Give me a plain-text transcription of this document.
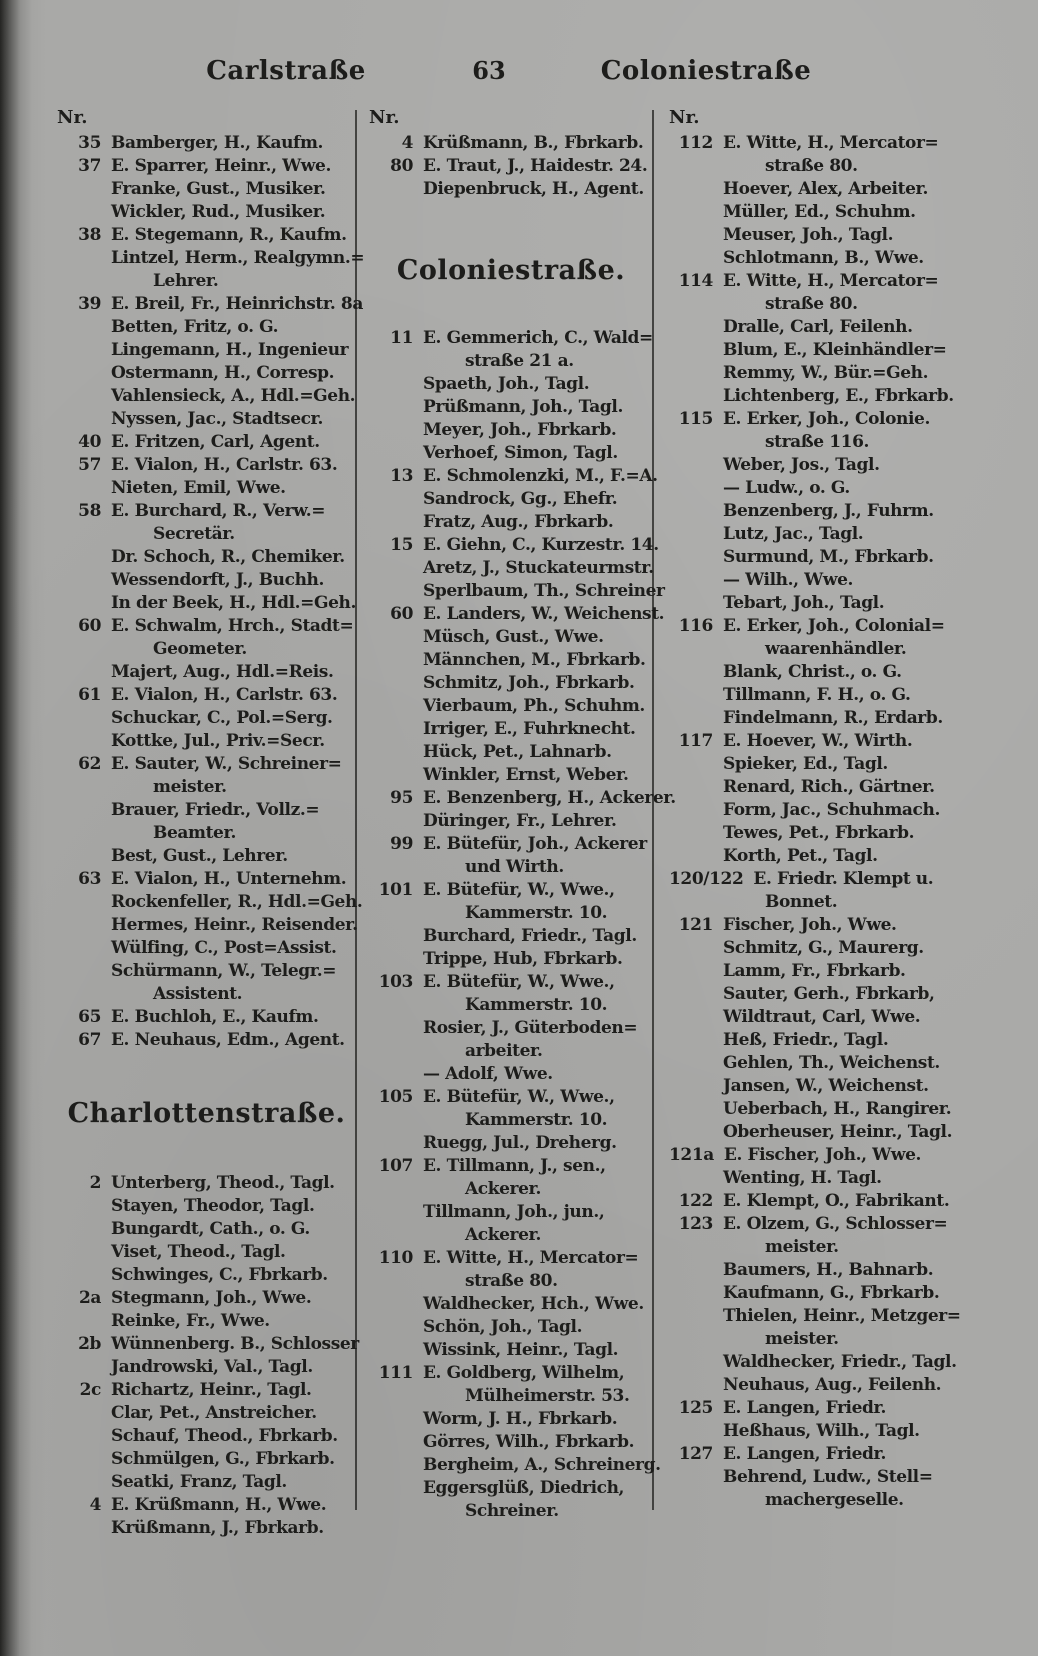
Carlstraße	63	Coloniestraße
Nr.
35 Bamberger, H., Kaufm.
37 E. Sparrer, Heinr., Wwe.
Franke, Gust., Musiker.
Wickler, Rud., Musiker.
38 E. Stegemann, R., Kaufm.
Lintzel, Herm., Realgymn.=
Lehrer.
39 E. Breil, Fr., Heinrichstr. 8a
Betten, Fritz, o. G.
Lingemann, H., Ingenieur
Ostermann, H., Corresp.
Vahlensieck, A., Hdl.=Geh.
Nyssen, Jac., Stadtsecr.
40 E. Fritzen, Carl, Agent.
57 E. Vialon, H., Carlstr. 63.
Nieten, Emil, Wwe.
58 E. Burchard, R., Verw.=
Secretär.
Dr. Schoch, R., Chemiker.
Wessendorft, J., Buchh.
In der Beek, H., Hdl.=Geh.
60 E. Schwalm, Hrch., Stadt=
Geometer.
Majert, Aug., Hdl.=Reis.
61 E. Vialon, H., Carlstr. 63.
Schuckar, C., Pol.=Serg.
Kottke, Jul., Priv.=Secr.
62 E. Sauter, W., Schreiner=
meister.
Brauer, Friedr., Vollz.=
Beamter.
Best, Gust., Lehrer.
63 E. Vialon, H., Unternehm.
Rockenfeller, R., Hdl.=Geh.
Hermes, Heinr., Reisender.
Wülfing, C., Post=Assist.
Schürmann, W., Telegr.=
Assistent.
65 E. Buchloh, E., Kaufm.
67 E. Neuhaus, Edm., Agent.
Charlottenstraße.
2 Unterberg, Theod., Tagl.
Stayen, Theodor, Tagl.
Bungardt, Cath., o. G.
Viset, Theod., Tagl.
Schwinges, C., Fbrkarb.
2a Stegmann, Joh., Wwe.
Reinke, Fr., Wwe.
2b Wünnenberg. B., Schlosser
Jandrowski, Val., Tagl.
2c Richartz, Heinr., Tagl.
Clar, Pet., Anstreicher.
Schauf, Theod., Fbrkarb.
Schmülgen, G., Fbrkarb.
Seatki, Franz, Tagl.
4 E. Krüßmann, H., Wwe.
Krüßmann, J., Fbrkarb.
Nr.
4 Krüßmann, B., Fbrkarb.
80 E. Traut, J., Haidestr. 24.
Diepenbruck, H., Agent.
Coloniestraße.
11 E. Gemmerich, C., Wald=
straße 21 a.
Spaeth, Joh., Tagl.
Prüßmann, Joh., Tagl.
Meyer, Joh., Fbrkarb.
Verhoef, Simon, Tagl.
13 E. Schmolenzki, M., F.=A.
Sandrock, Gg., Ehefr.
Fratz, Aug., Fbrkarb.
15 E. Giehn, C., Kurzestr. 14.
Aretz, J., Stuckateurmstr.
Sperlbaum, Th., Schreiner
60 E. Landers, W., Weichenst.
Müsch, Gust., Wwe.
Männchen, M., Fbrkarb.
Schmitz, Joh., Fbrkarb.
Vierbaum, Ph., Schuhm.
Irriger, E., Fuhrknecht.
Hück, Pet., Lahnarb.
Winkler, Ernst, Weber.
95 E. Benzenberg, H., Ackerer.
Düringer, Fr., Lehrer.
99 E. Bütefür, Joh., Ackerer
und Wirth.
101 E. Bütefür, W., Wwe.,
Kammerstr. 10.
Burchard, Friedr., Tagl.
Trippe, Hub, Fbrkarb.
103 E. Bütefür, W., Wwe.,
Kammerstr. 10.
Rosier, J., Güterboden=
arbeiter.
— Adolf, Wwe.
105 E. Bütefür, W., Wwe.,
Kammerstr. 10.
Ruegg, Jul., Dreherg.
107 E. Tillmann, J., sen.,
Ackerer.
Tillmann, Joh., jun.,
Ackerer.
110 E. Witte, H., Mercator=
straße 80.
Waldhecker, Hch., Wwe.
Schön, Joh., Tagl.
Wissink, Heinr., Tagl.
111 E. Goldberg, Wilhelm,
Mülheimerstr. 53.
Worm, J. H., Fbrkarb.
Görres, Wilh., Fbrkarb.
Bergheim, A., Schreinerg.
Eggersglüß, Diedrich,
Schreiner.
Nr.
112 E. Witte, H., Mercator=
straße 80.
Hoever, Alex, Arbeiter.
Müller, Ed., Schuhm.
Meuser, Joh., Tagl.
Schlotmann, B., Wwe.
114 E. Witte, H., Mercator=
straße 80.
Dralle, Carl, Feilenh.
Blum, E., Kleinhändler=
Remmy, W., Bür.=Geh.
Lichtenberg, E., Fbrkarb.
115 E. Erker, Joh., Colonie.
straße 116.
Weber, Jos., Tagl.
— Ludw., o. G.
Benzenberg, J., Fuhrm.
Lutz, Jac., Tagl.
Surmund, M., Fbrkarb.
— Wilh., Wwe.
Tebart, Joh., Tagl.
116 E. Erker, Joh., Colonial=
waarenhändler.
Blank, Christ., o. G.
Tillmann, F. H., o. G.
Findelmann, R., Erdarb.
117 E. Hoever, W., Wirth.
Spieker, Ed., Tagl.
Renard, Rich., Gärtner.
Form, Jac., Schuhmach.
Tewes, Pet., Fbrkarb.
Korth, Pet., Tagl.
120/122 E. Friedr. Klempt u.
Bonnet.
121 Fischer, Joh., Wwe.
Schmitz, G., Maurerg.
Lamm, Fr., Fbrkarb.
Sauter, Gerh., Fbrkarb,
Wildtraut, Carl, Wwe.
Heß, Friedr., Tagl.
Gehlen, Th., Weichenst.
Jansen, W., Weichenst.
Ueberbach, H., Rangirer.
Oberheuser, Heinr., Tagl.
121a E. Fischer, Joh., Wwe.
Wenting, H. Tagl.
122 E. Klempt, O., Fabrikant.
123 E. Olzem, G., Schlosser=
meister.
Baumers, H., Bahnarb.
Kaufmann, G., Fbrkarb.
Thielen, Heinr., Metzger=
meister.
Waldhecker, Friedr., Tagl.
Neuhaus, Aug., Feilenh.
125 E. Langen, Friedr.
Heßhaus, Wilh., Tagl.
127 E. Langen, Friedr.
Behrend, Ludw., Stell=
machergeselle.
